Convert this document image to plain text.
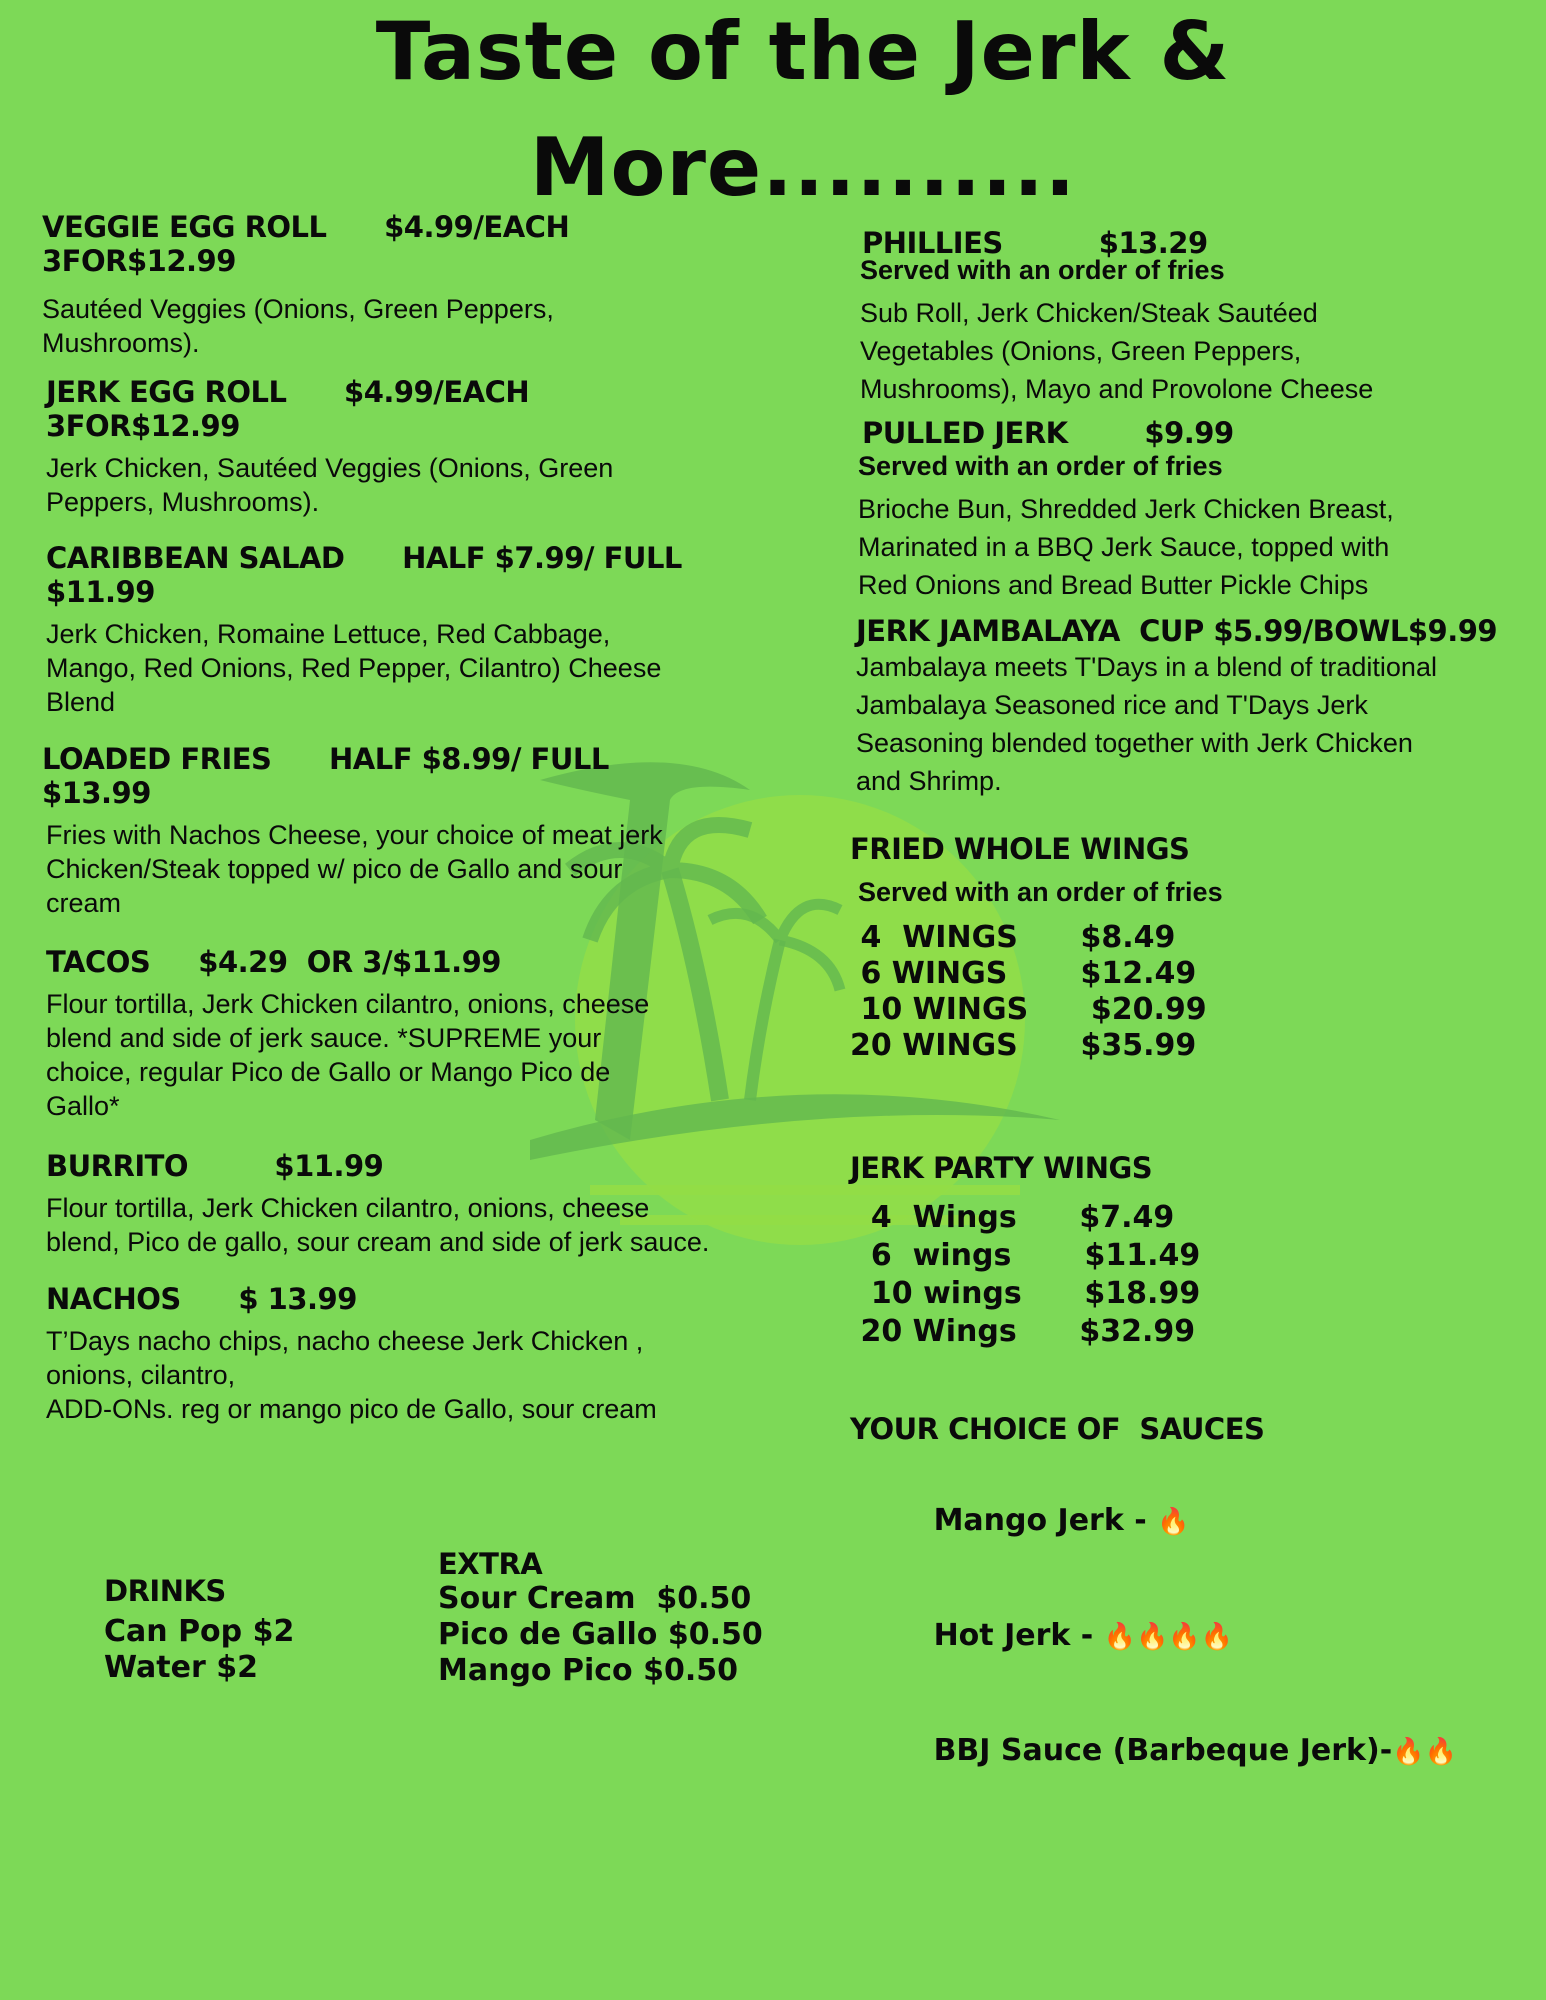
Taste of the Jerk &
More..........
VEGGIE EGG ROLL      $4.99/EACH
3FOR$12.99
Sautéed Veggies (Onions, Green Peppers,
Mushrooms).
JERK EGG ROLL      $4.99/EACH
3FOR$12.99
Jerk Chicken, Sautéed Veggies (Onions, Green
Peppers, Mushrooms).
CARIBBEAN SALAD      HALF $7.99/ FULL
$11.99
Jerk Chicken, Romaine Lettuce, Red Cabbage,
Mango, Red Onions, Red Pepper, Cilantro) Cheese
Blend
LOADED FRIES      HALF $8.99/ FULL
$13.99
Fries with Nachos Cheese, your choice of meat jerk
Chicken/Steak topped w/ pico de Gallo and sour
cream
TACOS     $4.29  OR 3/$11.99
Flour tortilla, Jerk Chicken cilantro, onions, cheese
blend and side of jerk sauce. *SUPREME your
choice, regular Pico de Gallo or Mango Pico de
Gallo*
BURRITO         $11.99
Flour tortilla, Jerk Chicken cilantro, onions, cheese
blend, Pico de gallo, sour cream and side of jerk sauce.
NACHOS      $ 13.99
T’Days nacho chips, nacho cheese Jerk Chicken ,
onions, cilantro,
ADD-ONs. reg or mango pico de Gallo, sour cream
DRINKS
Can Pop $2
Water $2
EXTRA
Sour Cream  $0.50
Pico de Gallo $0.50
Mango Pico $0.50
PHILLIES          $13.29
Served with an order of fries
Sub Roll, Jerk Chicken/Steak Sautéed
Vegetables (Onions, Green Peppers,
Mushrooms), Mayo and Provolone Cheese
PULLED JERK        $9.99
Served with an order of fries
Brioche Bun, Shredded Jerk Chicken Breast,
Marinated in a BBQ Jerk Sauce, topped with
Red Onions and Bread Butter Pickle Chips
JERK JAMBALAYA  CUP $5.99/BOWL$9.99
Jambalaya meets T'Days in a blend of traditional
Jambalaya Seasoned rice and T'Days Jerk
Seasoning blended together with Jerk Chicken
and Shrimp.
FRIED WHOLE WINGS
Served with an order of fries
4  WINGS      $8.49
6 WINGS       $12.49
10 WINGS      $20.99
20 WINGS      $35.99
JERK PARTY WINGS
4  Wings      $7.49
6  wings       $11.49
10 wings      $18.99
20 Wings      $32.99
YOUR CHOICE OF  SAUCES

Mango Jerk - 🔥

Hot Jerk - 🔥🔥🔥🔥

BBJ Sauce (Barbeque Jerk)-🔥🔥
